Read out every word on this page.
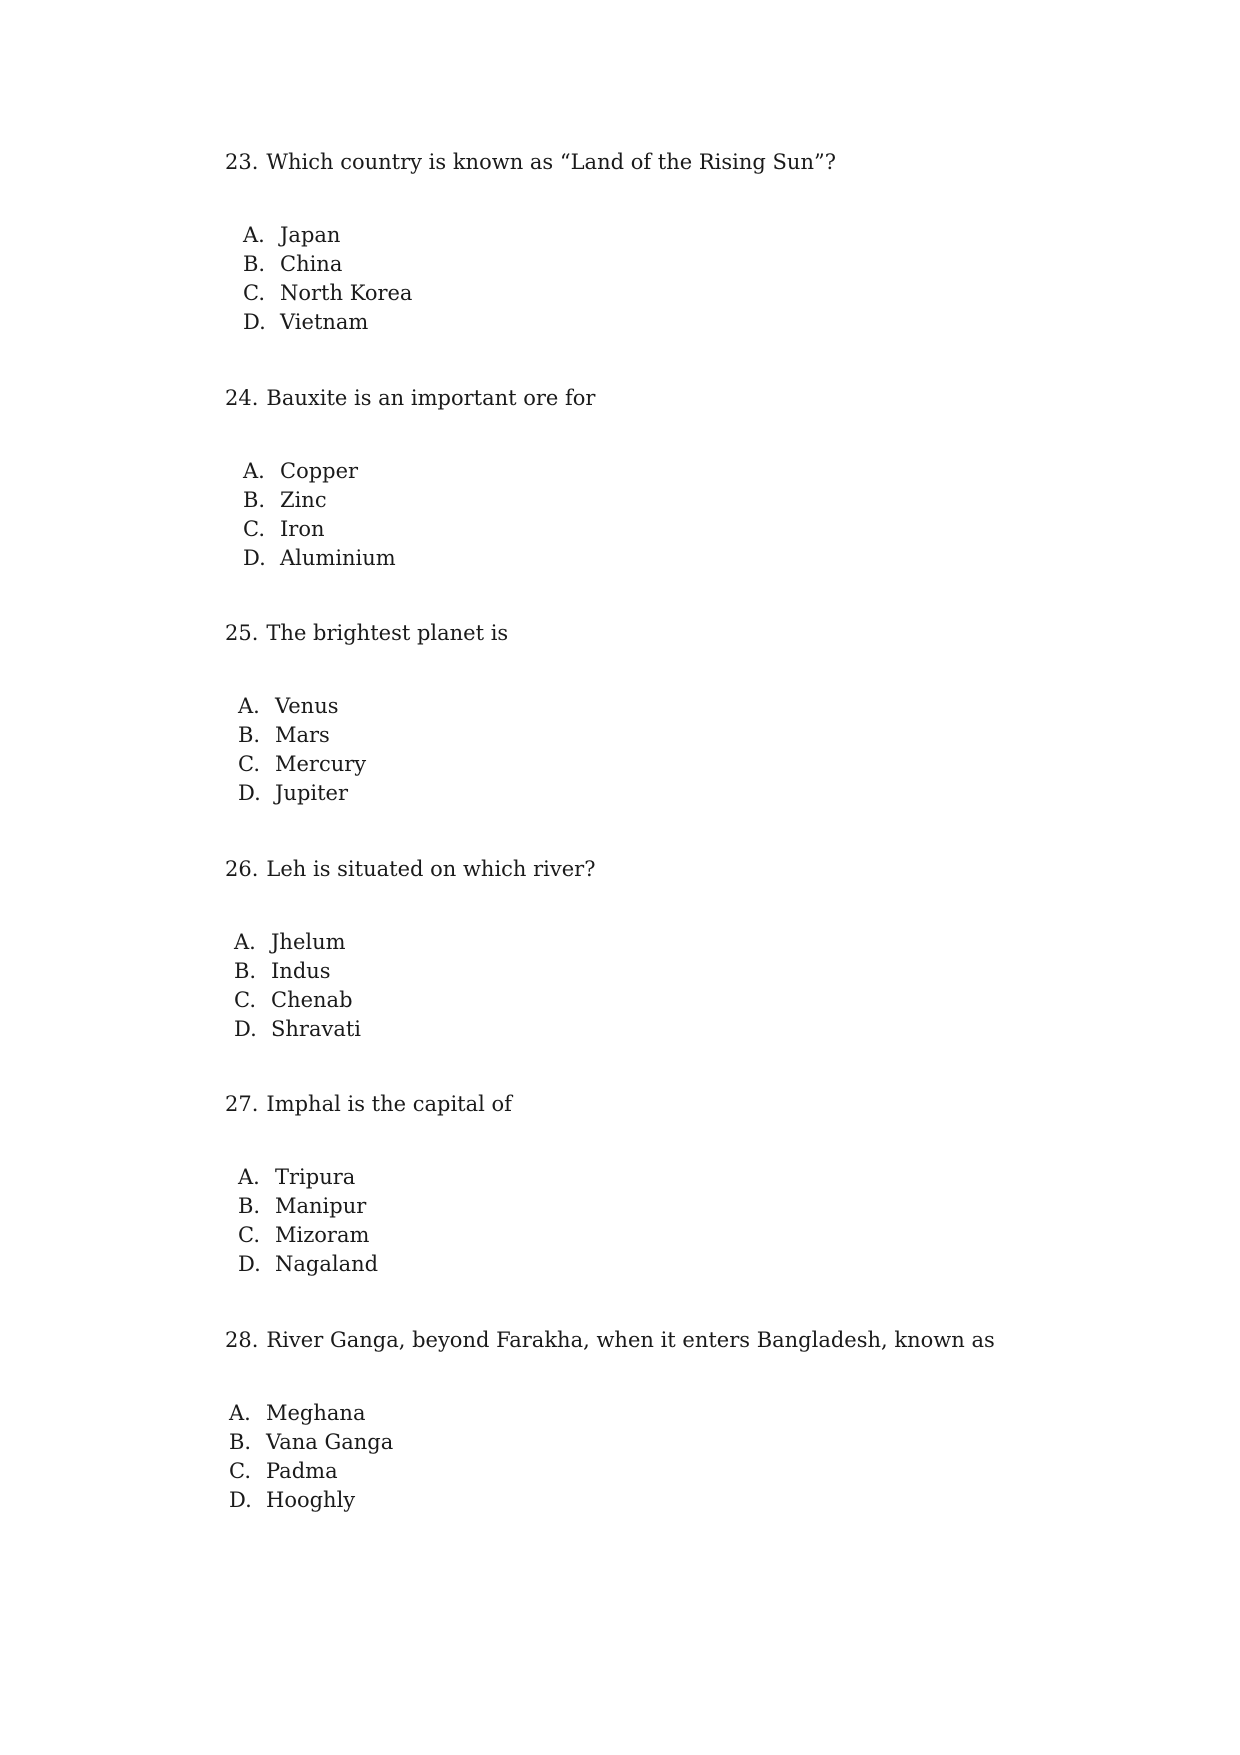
23. Which country is known as “Land of the Rising Sun”?
A. Japan
B. China
C. North Korea
D. Vietnam
24. Bauxite is an important ore for
A. Copper
B. Zinc
C. Iron
D. Aluminium
25. The brightest planet is
A. Venus
B. Mars
C. Mercury
D. Jupiter
26. Leh is situated on which river?
A. Jhelum
B. Indus
C. Chenab
D. Shravati
27. Imphal is the capital of
A. Tripura
B. Manipur
C. Mizoram
D. Nagaland
28. River Ganga, beyond Farakha, when it enters Bangladesh, known as
A. Meghana
B. Vana Ganga
C. Padma
D. Hooghly
